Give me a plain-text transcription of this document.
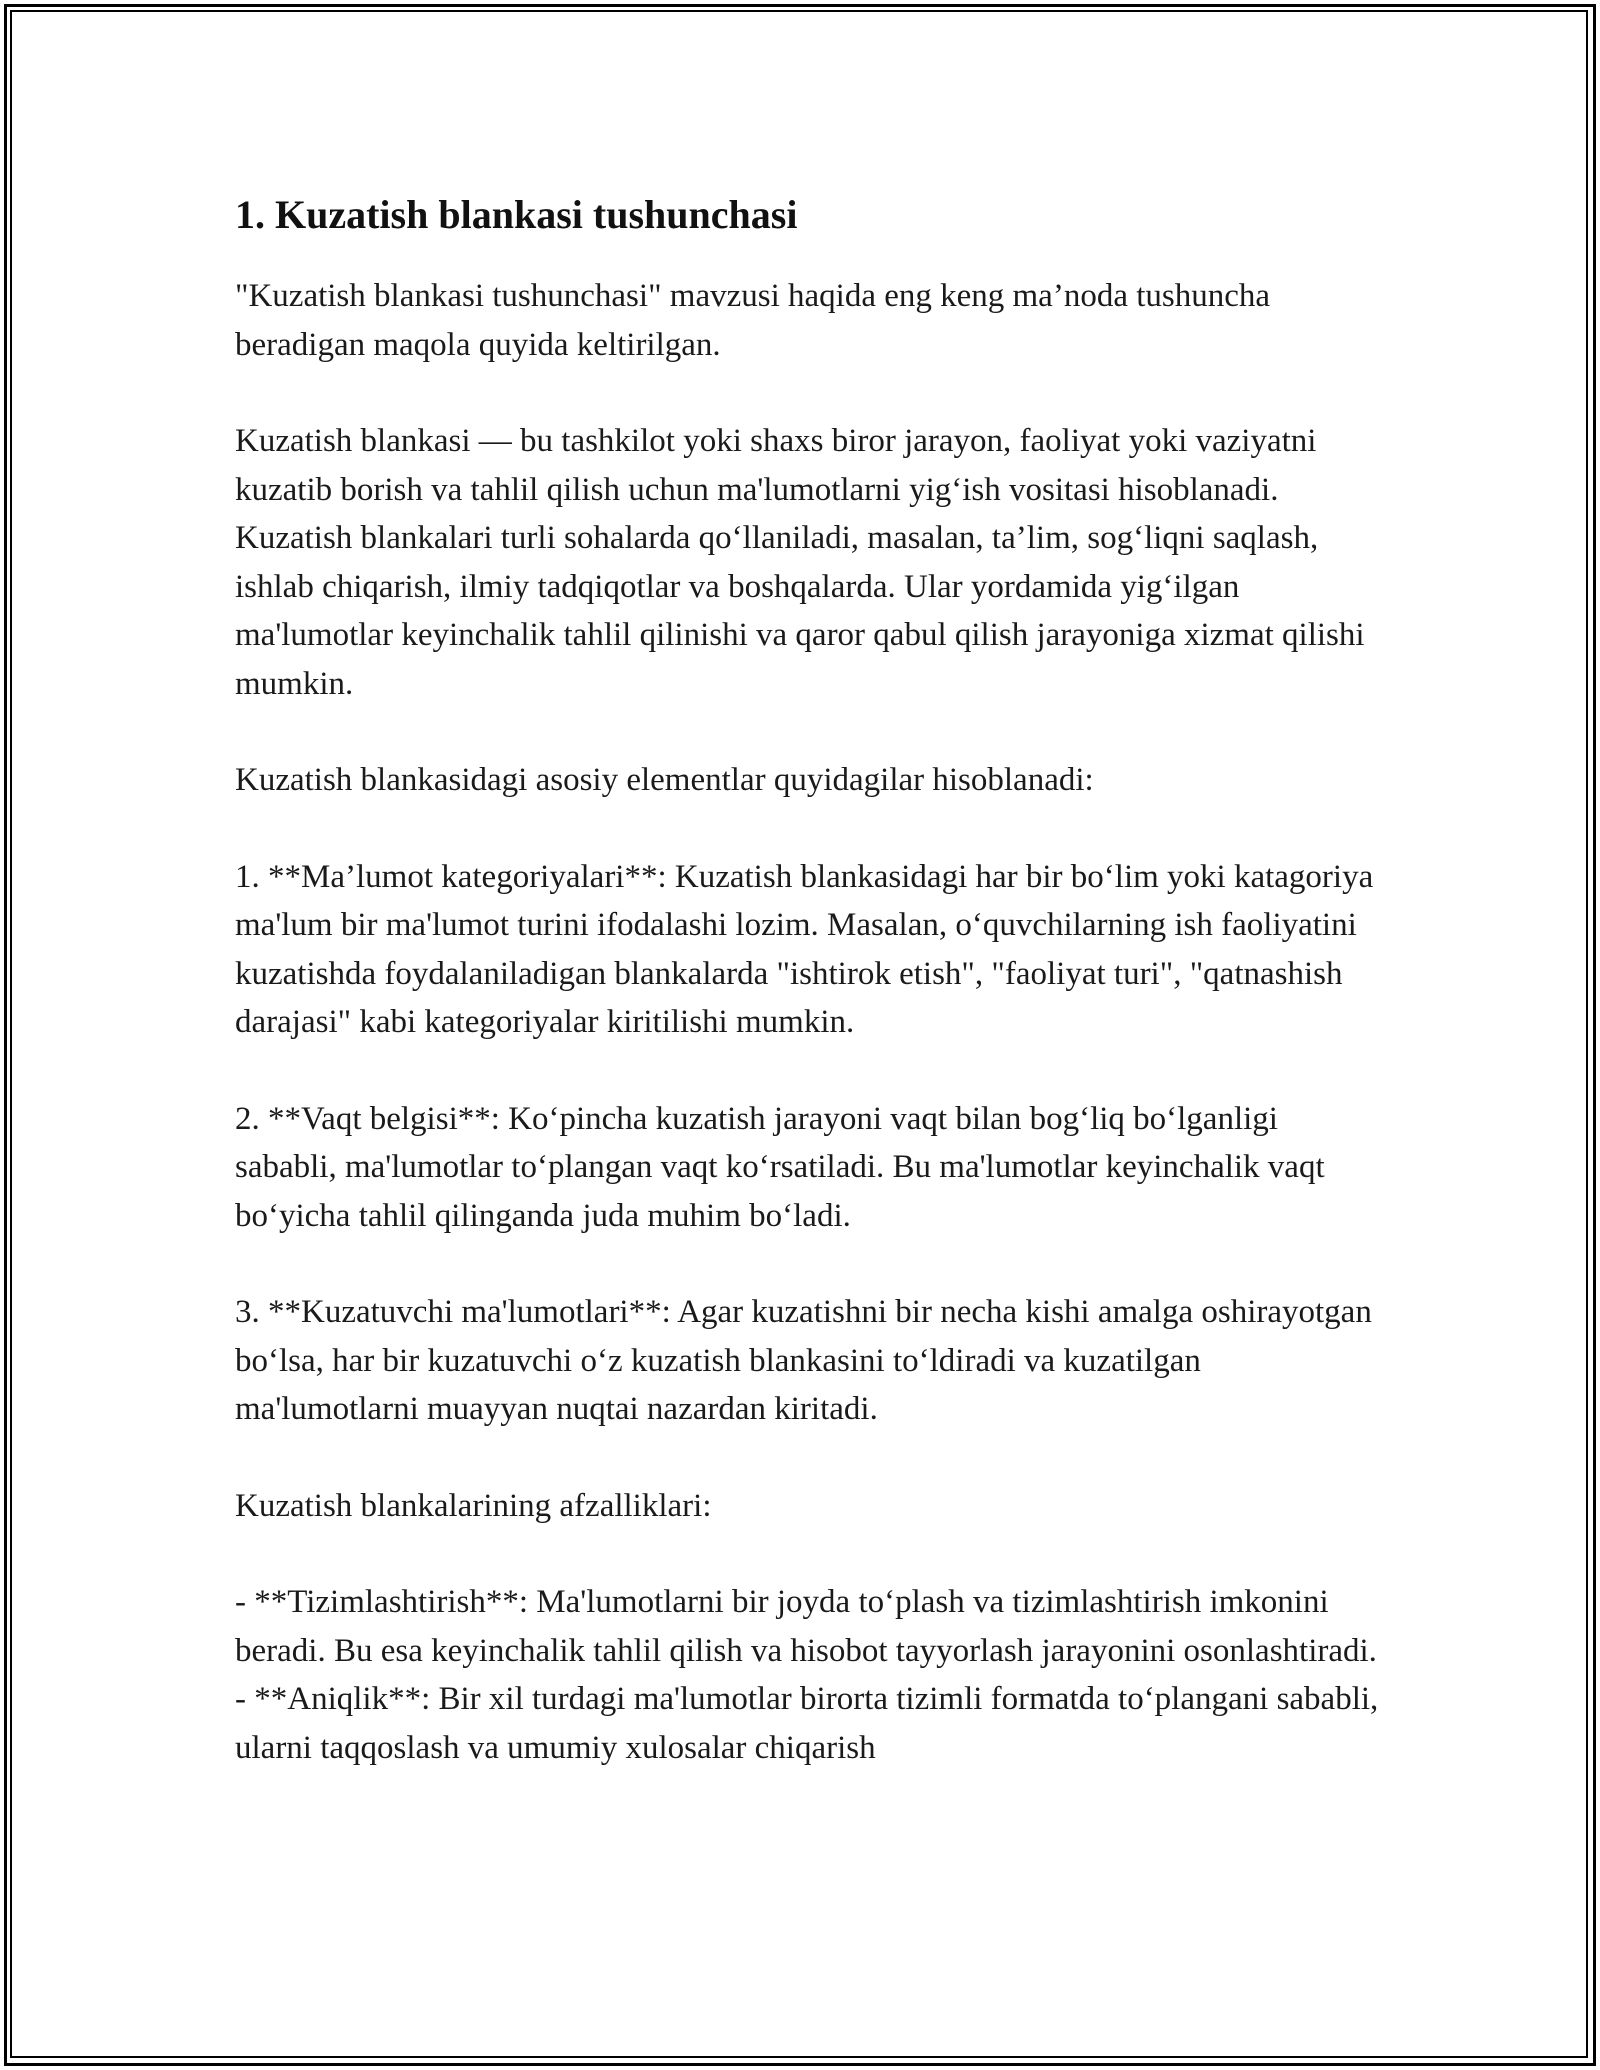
1. Kuzatish blankasi tushunchasi

"Kuzatish blankasi tushunchasi" mavzusi haqida eng keng ma’noda tushuncha beradigan maqola quyida keltirilgan.

Kuzatish blankasi — bu tashkilot yoki shaxs biror jarayon, faoliyat yoki vaziyatni kuzatib borish va tahlil qilish uchun ma'lumotlarni yig‘ish vositasi hisoblanadi. Kuzatish blankalari turli sohalarda qo‘llaniladi, masalan, ta’lim, sog‘liqni saqlash, ishlab chiqarish, ilmiy tadqiqotlar va boshqalarda. Ular yordamida yig‘ilgan ma'lumotlar keyinchalik tahlil qilinishi va qaror qabul qilish jarayoniga xizmat qilishi mumkin.

Kuzatish blankasidagi asosiy elementlar quyidagilar hisoblanadi:

1. **Ma’lumot kategoriyalari**: Kuzatish blankasidagi har bir bo‘lim yoki katagoriya ma'lum bir ma'lumot turini ifodalashi lozim. Masalan, o‘quvchilarning ish faoliyatini kuzatishda foydalaniladigan blankalarda "ishtirok etish", "faoliyat turi", "qatnashish darajasi" kabi kategoriyalar kiritilishi mumkin.

2. **Vaqt belgisi**: Ko‘pincha kuzatish jarayoni vaqt bilan bog‘liq bo‘lganligi sababli, ma'lumotlar to‘plangan vaqt ko‘rsatiladi. Bu ma'lumotlar keyinchalik vaqt bo‘yicha tahlil qilinganda juda muhim bo‘ladi.

3. **Kuzatuvchi ma'lumotlari**: Agar kuzatishni bir necha kishi amalga oshirayotgan bo‘lsa, har bir kuzatuvchi o‘z kuzatish blankasini to‘ldiradi va kuzatilgan ma'lumotlarni muayyan nuqtai nazardan kiritadi.

Kuzatish blankalarining afzalliklari:

- **Tizimlashtirish**: Ma'lumotlarni bir joyda to‘plash va tizimlashtirish imkonini beradi. Bu esa keyinchalik tahlil qilish va hisobot tayyorlash jarayonini osonlashtiradi.

- **Aniqlik**: Bir xil turdagi ma'lumotlar birorta tizimli formatda to‘plangani sababli, ularni taqqoslash va umumiy xulosalar chiqarish
